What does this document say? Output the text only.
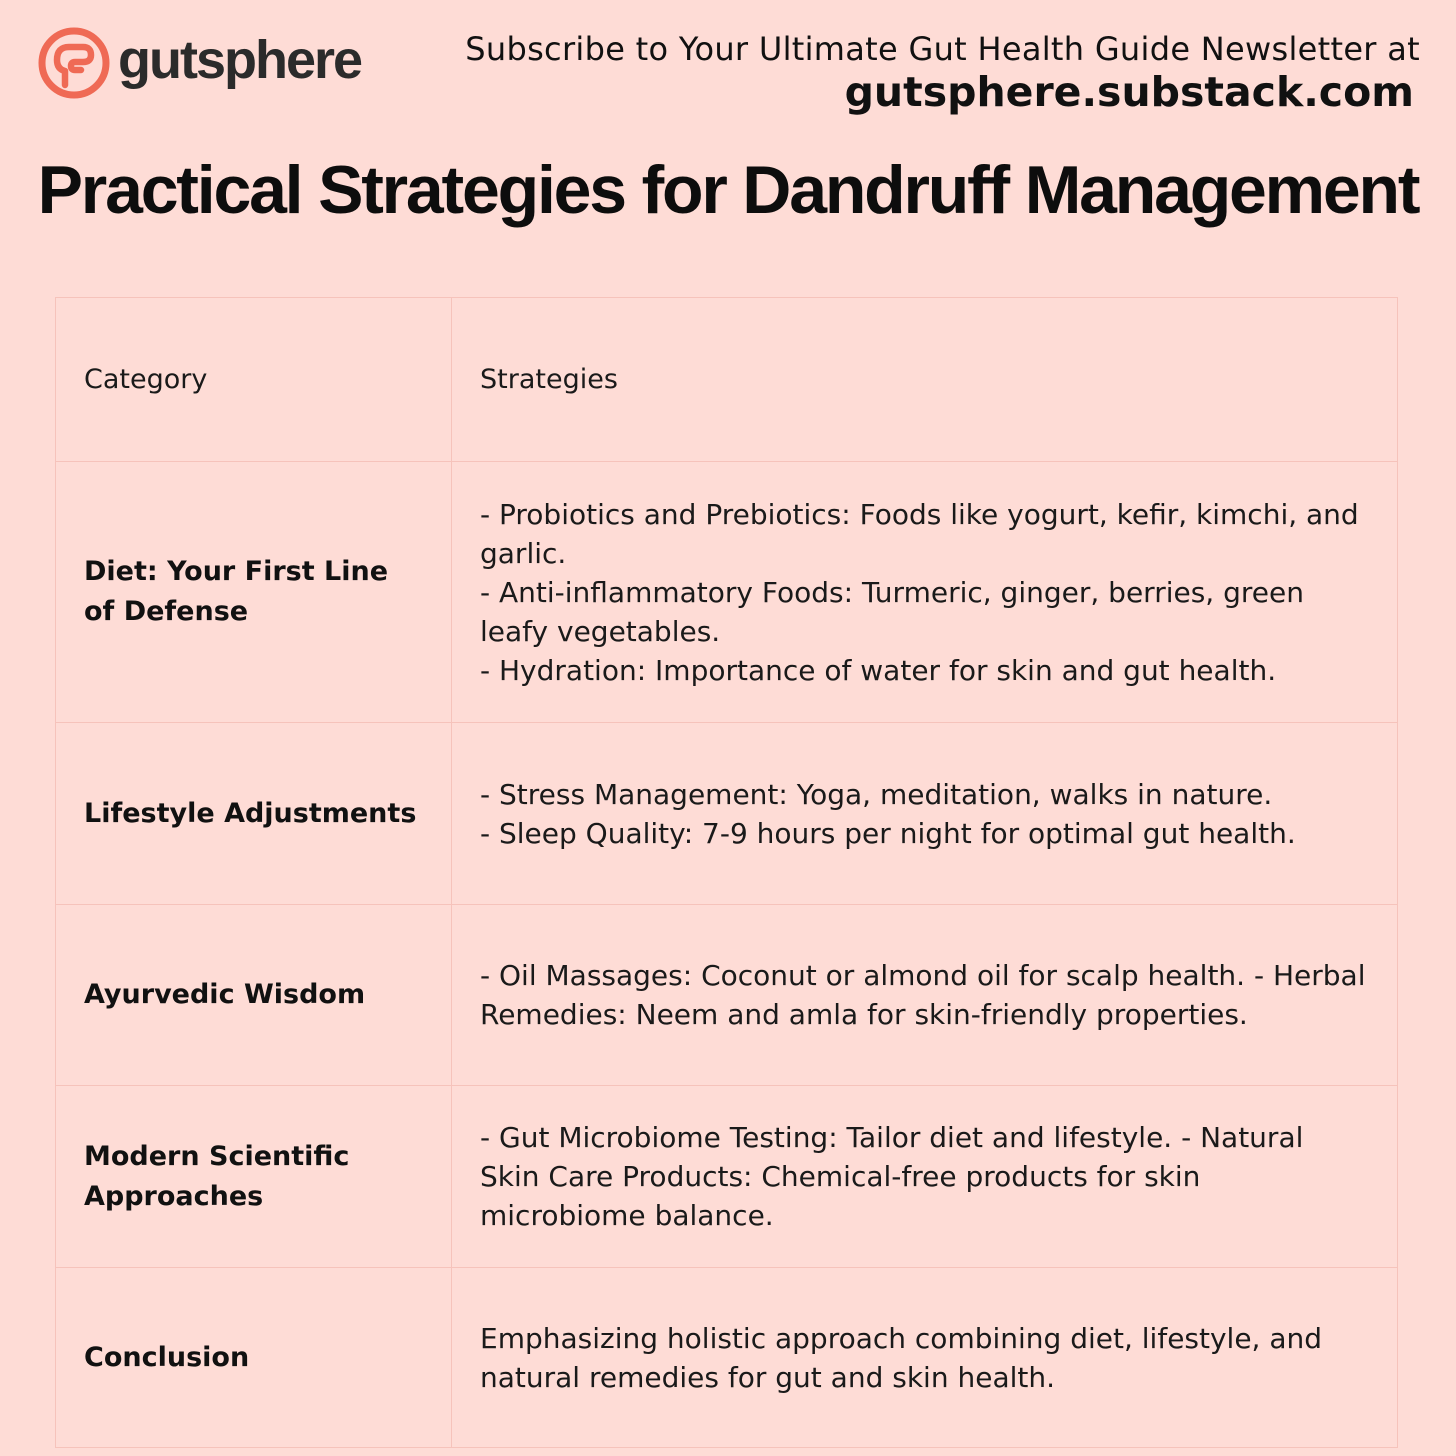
gutsphere	Subscribe to Your Ultimate Gut Health Guide Newsletter at
gutsphere.substack.com
Practical Strategies for Dandruff Management
Category	Strategies
Diet: Your First Line of Defense	- Probiotics and Prebiotics: Foods like yogurt, kefir, kimchi, and garlic.
- Anti-inflammatory Foods: Turmeric, ginger, berries, green leafy vegetables.
- Hydration: Importance of water for skin and gut health.

Lifestyle Adjustments	- Stress Management: Yoga, meditation, walks in nature.
- Sleep Quality: 7-9 hours per night for optimal gut health.

Ayurvedic Wisdom	- Oil Massages: Coconut or almond oil for scalp health. - Herbal Remedies: Neem and amla for skin-friendly properties.

Modern Scientific Approaches	- Gut Microbiome Testing: Tailor diet and lifestyle. - Natural Skin Care Products: Chemical-free products for skin microbiome balance.

Conclusion	Emphasizing holistic approach combining diet, lifestyle, and natural remedies for gut and skin health.
